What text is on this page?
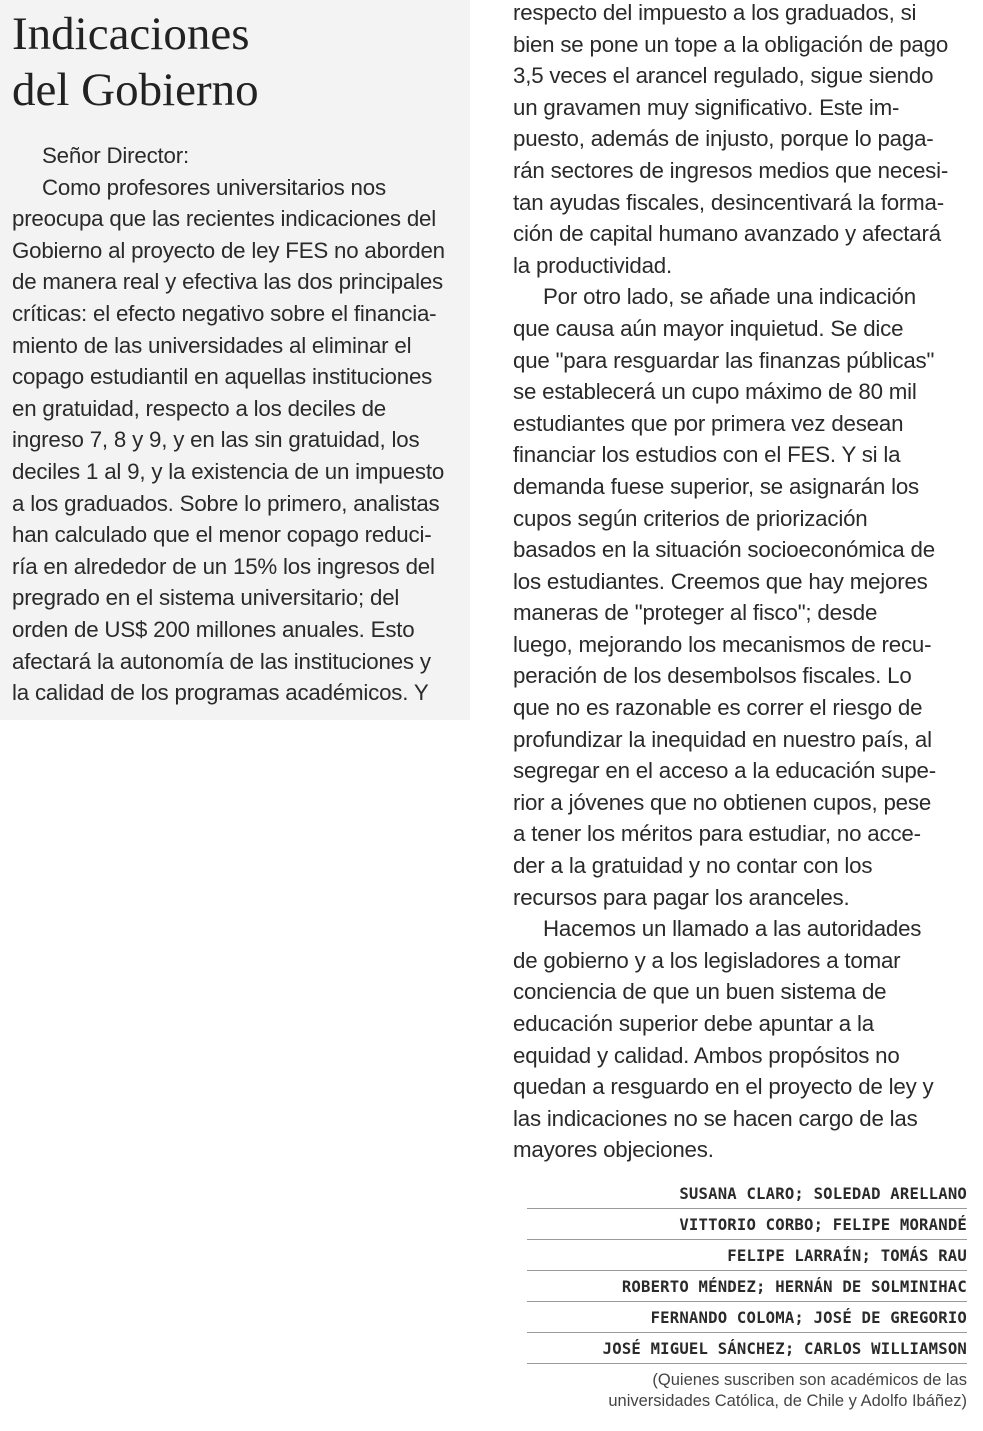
Indicaciones
del Gobierno
Señor Director:
Como profesores universitarios nos
preocupa que las recientes indicaciones del
Gobierno al proyecto de ley FES no aborden
de manera real y efectiva las dos principales
críticas: el efecto negativo sobre el financia-
miento de las universidades al eliminar el
copago estudiantil en aquellas instituciones
en gratuidad, respecto a los deciles de
ingreso 7, 8 y 9, y en las sin gratuidad, los
deciles 1 al 9, y la existencia de un impuesto
a los graduados. Sobre lo primero, analistas
han calculado que el menor copago reduci-
ría en alrededor de un 15% los ingresos del
pregrado en el sistema universitario; del
orden de US$ 200 millones anuales. Esto
afectará la autonomía de las instituciones y
la calidad de los programas académicos. Y
respecto del impuesto a los graduados, si
bien se pone un tope a la obligación de pago
3,5 veces el arancel regulado, sigue siendo
un gravamen muy significativo. Este im-
puesto, además de injusto, porque lo paga-
rán sectores de ingresos medios que necesi-
tan ayudas fiscales, desincentivará la forma-
ción de capital humano avanzado y afectará
la productividad.
Por otro lado, se añade una indicación
que causa aún mayor inquietud. Se dice
que "para resguardar las finanzas públicas"
se establecerá un cupo máximo de 80 mil
estudiantes que por primera vez desean
financiar los estudios con el FES. Y si la
demanda fuese superior, se asignarán los
cupos según criterios de priorización
basados en la situación socioeconómica de
los estudiantes. Creemos que hay mejores
maneras de "proteger al fisco"; desde
luego, mejorando los mecanismos de recu-
peración de los desembolsos fiscales. Lo
que no es razonable es correr el riesgo de
profundizar la inequidad en nuestro país, al
segregar en el acceso a la educación supe-
rior a jóvenes que no obtienen cupos, pese
a tener los méritos para estudiar, no acce-
der a la gratuidad y no contar con los
recursos para pagar los aranceles.
Hacemos un llamado a las autoridades
de gobierno y a los legisladores a tomar
conciencia de que un buen sistema de
educación superior debe apuntar a la
equidad y calidad. Ambos propósitos no
quedan a resguardo en el proyecto de ley y
las indicaciones no se hacen cargo de las
mayores objeciones.
SUSANA CLARO; SOLEDAD ARELLANO
VITTORIO CORBO; FELIPE MORANDÉ
FELIPE LARRAÍN; TOMÁS RAU
ROBERTO MÉNDEZ; HERNÁN DE SOLMINIHAC
FERNANDO COLOMA; JOSÉ DE GREGORIO
JOSÉ MIGUEL SÁNCHEZ; CARLOS WILLIAMSON
(Quienes suscriben son académicos de las
universidades Católica, de Chile y Adolfo Ibáñez)
